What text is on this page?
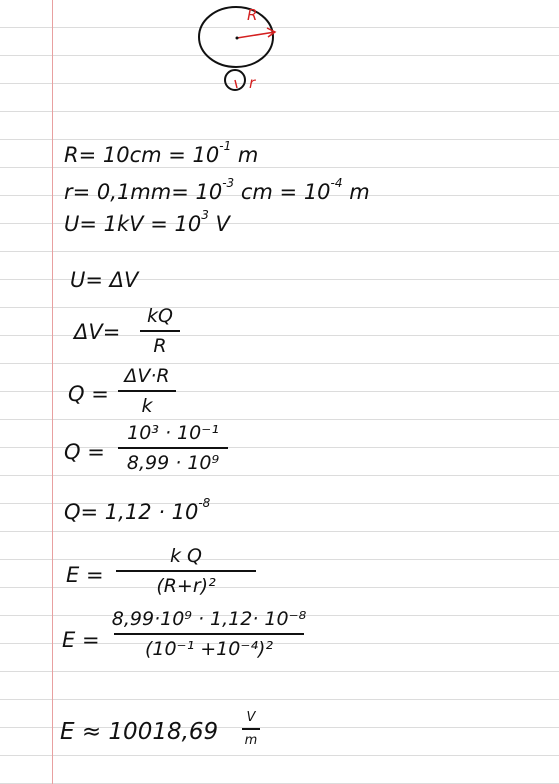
R
r
$R= 10cm = 10^{-1}$ m
$r= 0,1mm= 10^{-3}$ cm = $10^{-4}$ m
$U= 1kV = 10^3$ V
U= ΔV
ΔV=
kQ
R
Q =
ΔV·R
k
Q =
10³ · 10⁻¹
8,99 · 10⁹
$Q= 1,12 \cdot 10^{-8}$
E =
k Q
(R+r)²
E =
8,99·10⁹ · 1,12· 10⁻⁸
(10⁻¹ +10⁻⁴)²
E ≈ 10018,69
V
m
